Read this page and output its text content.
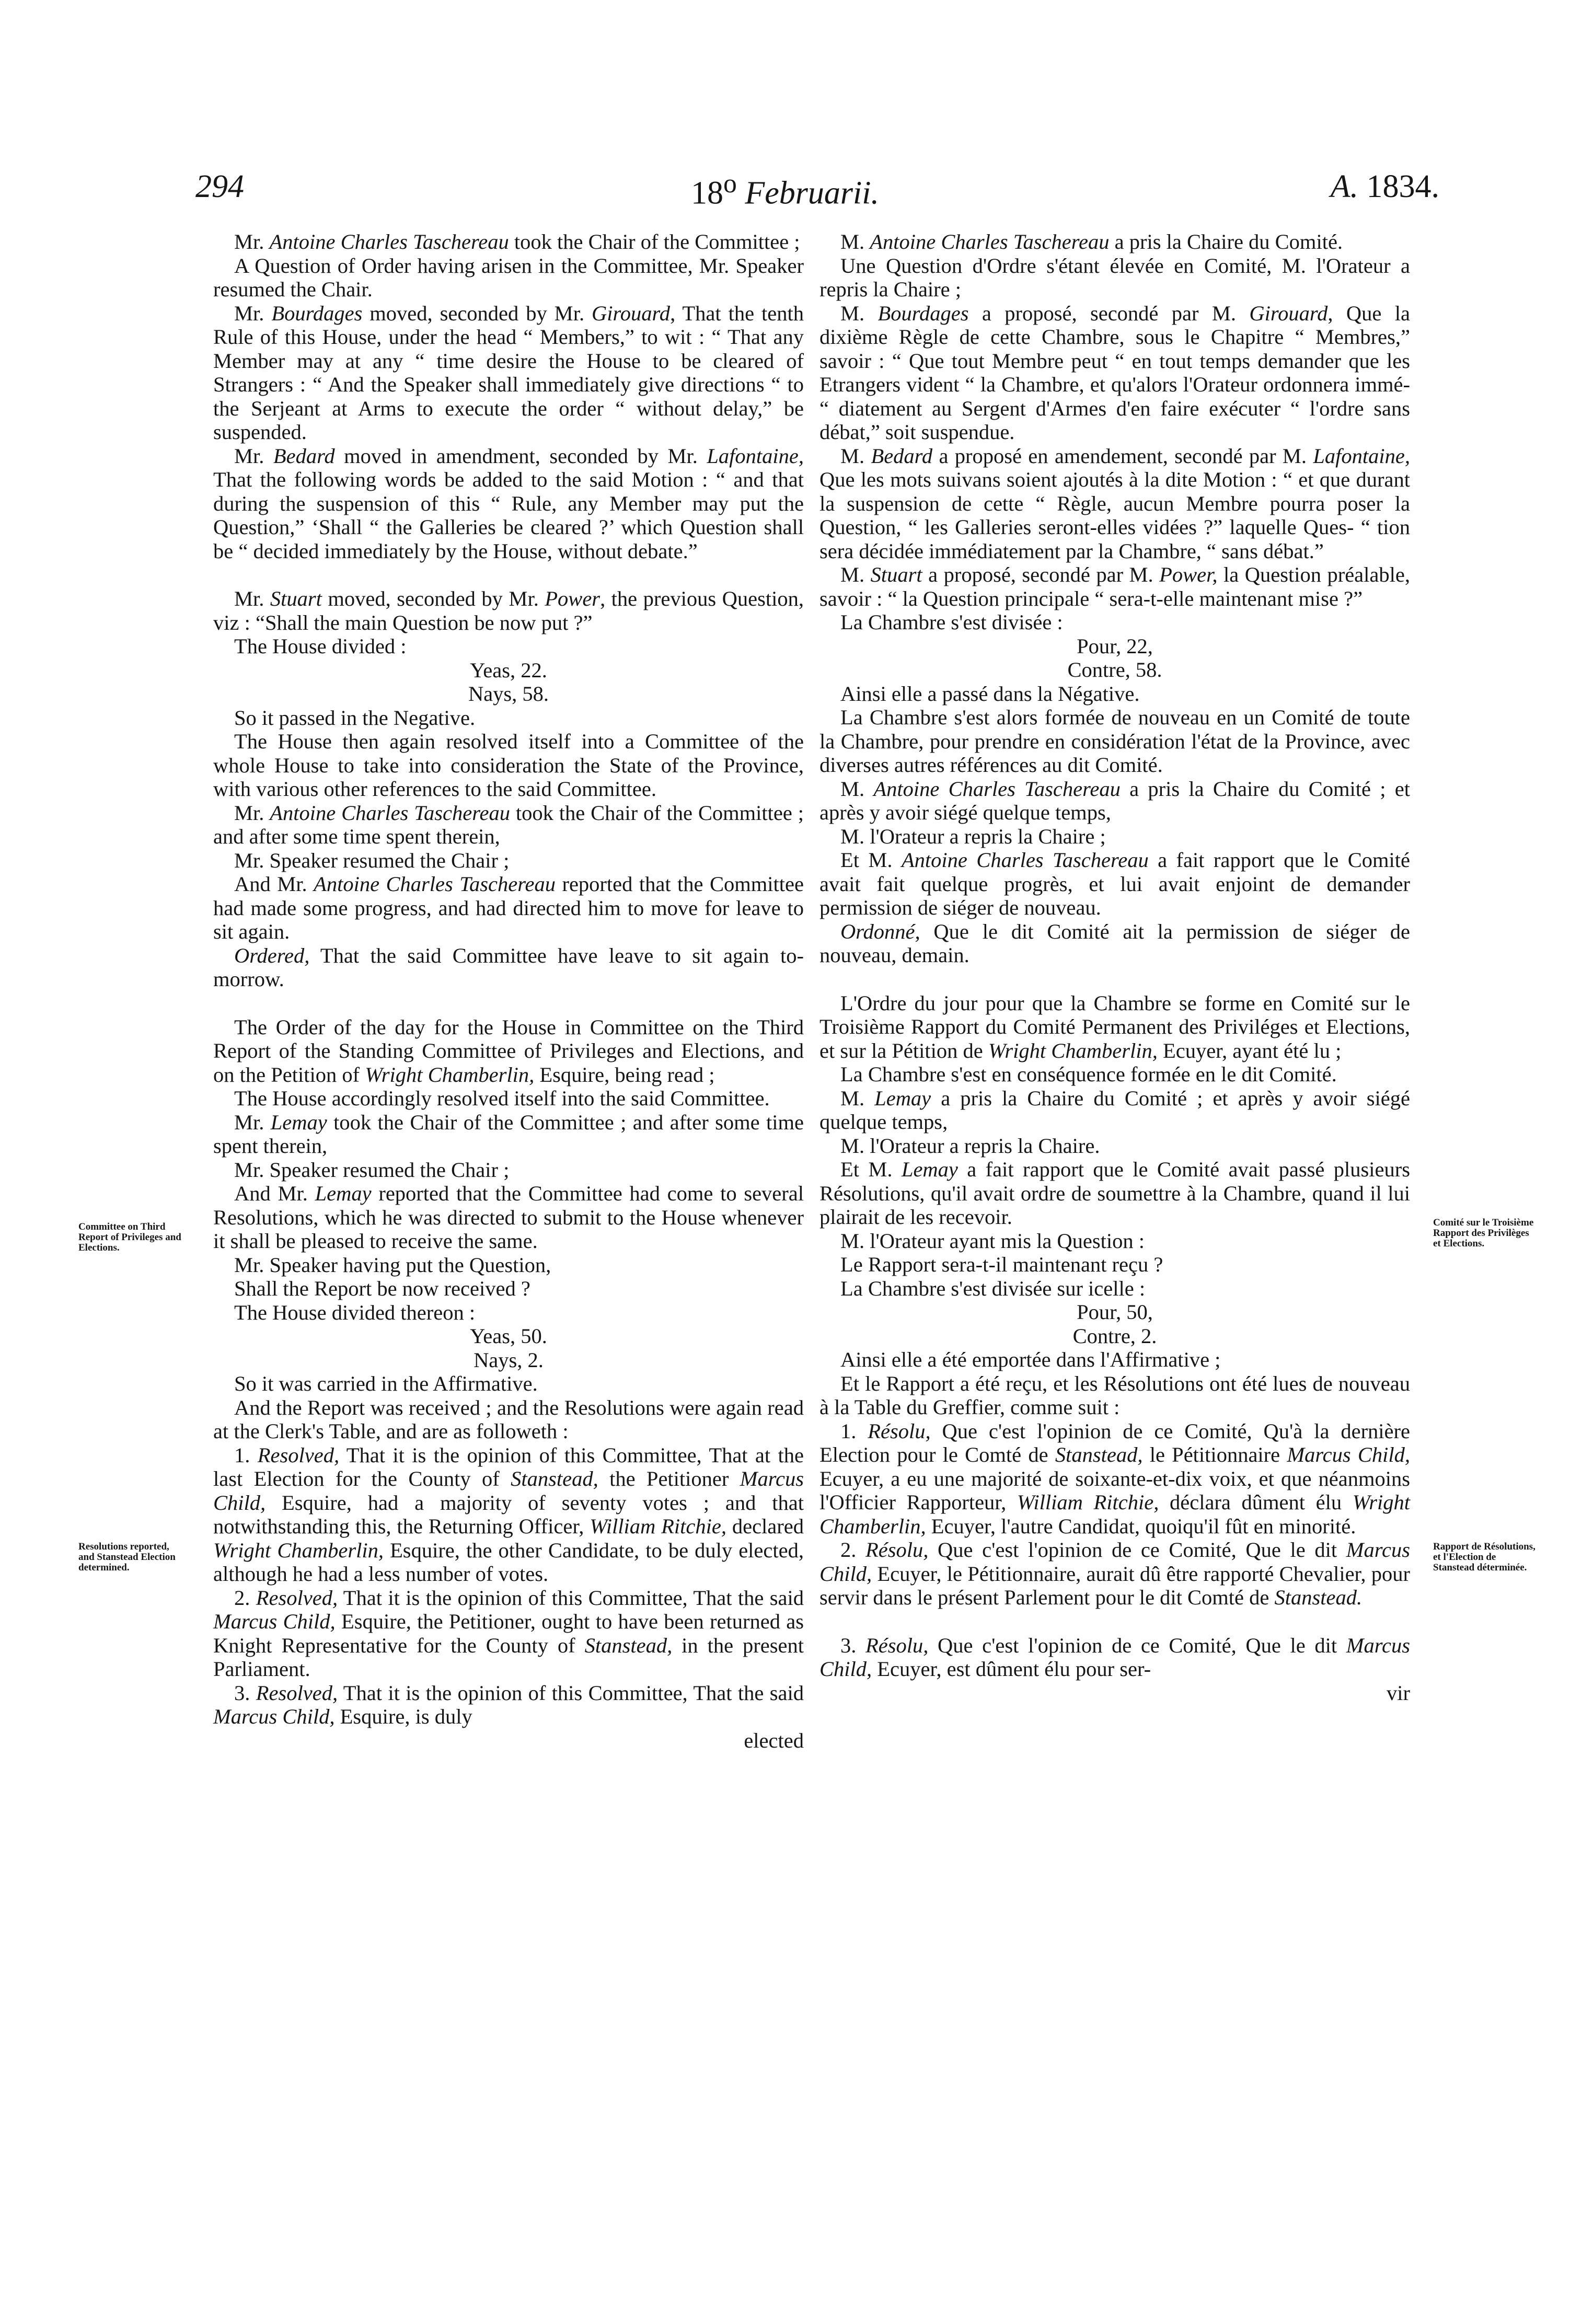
294	18$^o$ Februarii.	A. 1834.
Committee on Third Report of Privileges and Elections.
Comité sur le Troisième Rapport des Privilèges et Elections.
Resolutions reported, and Stanstead Election determined.
Rapport de Résolutions, et l'Election de Stanstead déterminée.

Mr. Antoine Charles Taschereau took the Chair of the Committee ;

A Question of Order having arisen in the Committee, Mr. Speaker resumed the Chair.

Mr. Bourdages moved, seconded by Mr. Girouard, That the tenth Rule of this House, under the head “ Members,” to wit : “ That any Member may at any “ time desire the House to be cleared of Strangers : “ And the Speaker shall immediately give directions “ to the Serjeant at Arms to execute the order “ without delay,” be suspended.

Mr. Bedard moved in amendment, seconded by Mr. Lafontaine, That the following words be added to the said Motion : “ and that during the suspension of this “ Rule, any Member may put the Question,” ‘Shall “ the Galleries be cleared ?’ which Question shall be “ decided immediately by the House, without debate.”

Mr. Stuart moved, seconded by Mr. Power, the previous Question, viz : “Shall the main Question be now put ?”

The House divided :

Yeas, 22.

Nays, 58.

So it passed in the Negative.

The House then again resolved itself into a Committee of the whole House to take into consideration the State of the Province, with various other references to the said Committee.

Mr. Antoine Charles Taschereau took the Chair of the Committee ; and after some time spent therein,

Mr. Speaker resumed the Chair ;

And Mr. Antoine Charles Taschereau reported that the Committee had made some progress, and had directed him to move for leave to sit again.

Ordered, That the said Committee have leave to sit again to-morrow.

The Order of the day for the House in Committee on the Third Report of the Standing Committee of Privileges and Elections, and on the Petition of Wright Chamberlin, Esquire, being read ;

The House accordingly resolved itself into the said Committee.

Mr. Lemay took the Chair of the Committee ; and after some time spent therein,

Mr. Speaker resumed the Chair ;

And Mr. Lemay reported that the Committee had come to several Resolutions, which he was directed to submit to the House whenever it shall be pleased to receive the same.

Mr. Speaker having put the Question,

Shall the Report be now received ?

The House divided thereon :

Yeas, 50.

Nays, 2.

So it was carried in the Affirmative.

And the Report was received ; and the Resolutions were again read at the Clerk's Table, and are as followeth :

1. Resolved, That it is the opinion of this Committee, That at the last Election for the County of Stanstead, the Petitioner Marcus Child, Esquire, had a majority of seventy votes ; and that notwithstanding this, the Returning Officer, William Ritchie, declared Wright Chamberlin, Esquire, the other Candidate, to be duly elected, although he had a less number of votes.

2. Resolved, That it is the opinion of this Committee, That the said Marcus Child, Esquire, the Petitioner, ought to have been returned as Knight Representative for the County of Stanstead, in the present Parliament.

3. Resolved, That it is the opinion of this Committee, That the said Marcus Child, Esquire, is duly

elected

M. Antoine Charles Taschereau a pris la Chaire du Comité.

Une Question d'Ordre s'étant élevée en Comité, M. l'Orateur a repris la Chaire ;

M. Bourdages a proposé, secondé par M. Girouard, Que la dixième Règle de cette Chambre, sous le Chapitre “ Membres,” savoir : “ Que tout Membre peut “ en tout temps demander que les Etrangers vident “ la Chambre, et qu'alors l'Orateur ordonnera immé- “ diatement au Sergent d'Armes d'en faire exécuter “ l'ordre sans débat,” soit suspendue.

M. Bedard a proposé en amendement, secondé par M. Lafontaine, Que les mots suivans soient ajoutés à la dite Motion : “ et que durant la suspension de cette “ Règle, aucun Membre pourra poser la Question, “ les Galleries seront-elles vidées ?” laquelle Ques- “ tion sera décidée immédiatement par la Chambre, “ sans débat.”

M. Stuart a proposé, secondé par M. Power, la Question préalable, savoir : “ la Question principale “ sera-t-elle maintenant mise ?”

La Chambre s'est divisée :

Pour, 22,

Contre, 58.

Ainsi elle a passé dans la Négative.

La Chambre s'est alors formée de nouveau en un Comité de toute la Chambre, pour prendre en considération l'état de la Province, avec diverses autres références au dit Comité.

M. Antoine Charles Taschereau a pris la Chaire du Comité ; et après y avoir siégé quelque temps,

M. l'Orateur a repris la Chaire ;

Et M. Antoine Charles Taschereau a fait rapport que le Comité avait fait quelque progrès, et lui avait enjoint de demander permission de siéger de nouveau.

Ordonné, Que le dit Comité ait la permission de siéger de nouveau, demain.

L'Ordre du jour pour que la Chambre se forme en Comité sur le Troisième Rapport du Comité Permanent des Priviléges et Elections, et sur la Pétition de Wright Chamberlin, Ecuyer, ayant été lu ;

La Chambre s'est en conséquence formée en le dit Comité.

M. Lemay a pris la Chaire du Comité ; et après y avoir siégé quelque temps,

M. l'Orateur a repris la Chaire.

Et M. Lemay a fait rapport que le Comité avait passé plusieurs Résolutions, qu'il avait ordre de soumettre à la Chambre, quand il lui plairait de les recevoir.

M. l'Orateur ayant mis la Question :

Le Rapport sera-t-il maintenant reçu ?

La Chambre s'est divisée sur icelle :

Pour, 50,

Contre, 2.

Ainsi elle a été emportée dans l'Affirmative ;

Et le Rapport a été reçu, et les Résolutions ont été lues de nouveau à la Table du Greffier, comme suit :

1. Résolu, Que c'est l'opinion de ce Comité, Qu'à la dernière Election pour le Comté de Stanstead, le Pétitionnaire Marcus Child, Ecuyer, a eu une majorité de soixante-et-dix voix, et que néanmoins l'Officier Rapporteur, William Ritchie, déclara dûment élu Wright Chamberlin, Ecuyer, l'autre Candidat, quoiqu'il fût en minorité.

2. Résolu, Que c'est l'opinion de ce Comité, Que le dit Marcus Child, Ecuyer, le Pétitionnaire, aurait dû être rapporté Chevalier, pour servir dans le présent Parlement pour le dit Comté de Stanstead.

3. Résolu, Que c'est l'opinion de ce Comité, Que le dit Marcus Child, Ecuyer, est dûment élu pour ser-

vir
